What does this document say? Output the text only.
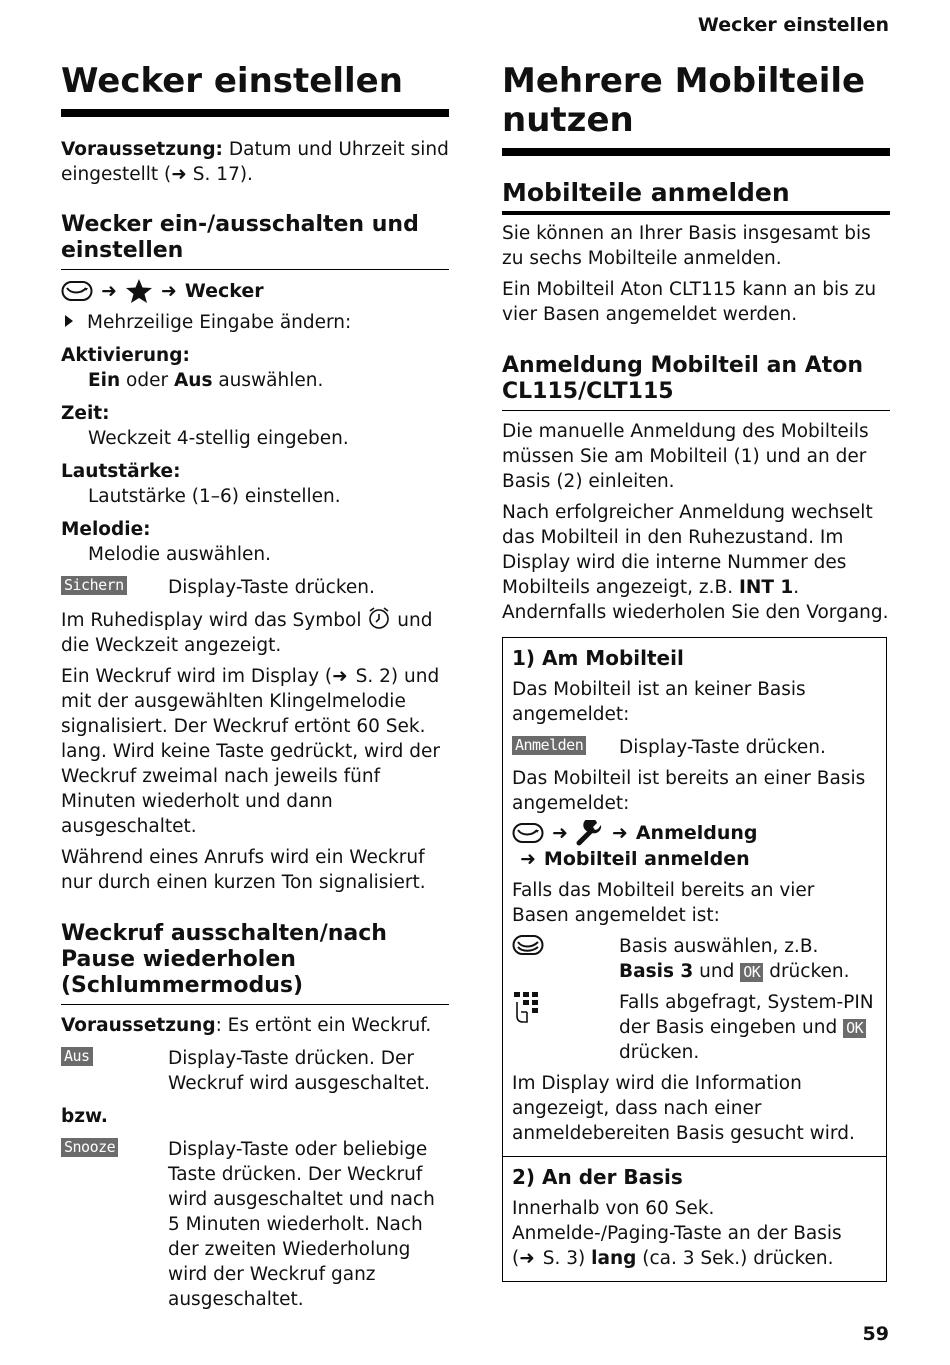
Wecker einstellen
Wecker einstellen

Voraussetzung: Datum und Uhrzeit sind eingestellt (➜ S. 17).

Wecker ein-/ausschalten und einstellen
➜ ➜ Wecker

Mehrzeilige Eingabe ändern:

Aktivierung:

Ein oder Aus auswählen.

Zeit:

Weckzeit 4-stellig eingeben.

Lautstärke:

Lautstärke (1–6) einstellen.

Melodie:

Melodie auswählen.

Sichern	Display-Taste drücken.

Im Ruhedisplay wird das Symbol und die Weckzeit angezeigt.

Ein Weckruf wird im Display (➜ S. 2) und mit der ausgewählten Klingelmelodie signalisiert. Der Weckruf ertönt 60 Sek. lang. Wird keine Taste gedrückt, wird der Weckruf zweimal nach jeweils fünf Minuten wiederholt und dann ausgeschaltet.

Während eines Anrufs wird ein Weckruf nur durch einen kurzen Ton signalisiert.

Weckruf ausschalten/nach Pause wiederholen (Schlummermodus)

Voraussetzung: Es ertönt ein Weckruf.

Aus	Display-Taste drücken. Der Weckruf wird ausgeschaltet.

bzw.

Snooze	Display-Taste oder beliebige Taste drücken. Der Weckruf wird ausgeschaltet und nach 5 Minuten wiederholt. Nach der zweiten Wiederholung wird der Weckruf ganz ausgeschaltet.

Mehrere Mobilteile nutzen
Mobilteile anmelden

Sie können an Ihrer Basis insgesamt bis zu sechs Mobilteile anmelden.

Ein Mobilteil Aton CLT115 kann an bis zu vier Basen angemeldet werden.

Anmeldung Mobilteil an Aton CL115/CLT115

Die manuelle Anmeldung des Mobilteils müssen Sie am Mobilteil (1) und an der Basis (2) einleiten.

Nach erfolgreicher Anmeldung wechselt das Mobilteil in den Ruhezustand. Im Display wird die interne Nummer des Mobilteils angezeigt, z.B. INT 1. Andernfalls wiederholen Sie den Vorgang.

1) Am Mobilteil

Das Mobilteil ist an keiner Basis angemeldet:

Anmelden	Display-Taste drücken.

Das Mobilteil ist bereits an einer Basis angemeldet:

➜ ➜ Anmeldung
➜ Mobilteil anmelden

Falls das Mobilteil bereits an vier Basen angemeldet ist:

Basis auswählen, z.B. Basis 3 und OK drücken.

Falls abgefragt, System-PIN der Basis eingeben und OK drücken.

Im Display wird die Information angezeigt, dass nach einer anmeldebereiten Basis gesucht wird.

2) An der Basis

Innerhalb von 60 Sek. Anmelde-/Paging-Taste an der Basis (➜ S. 3) lang (ca. 3 Sek.) drücken.

59
